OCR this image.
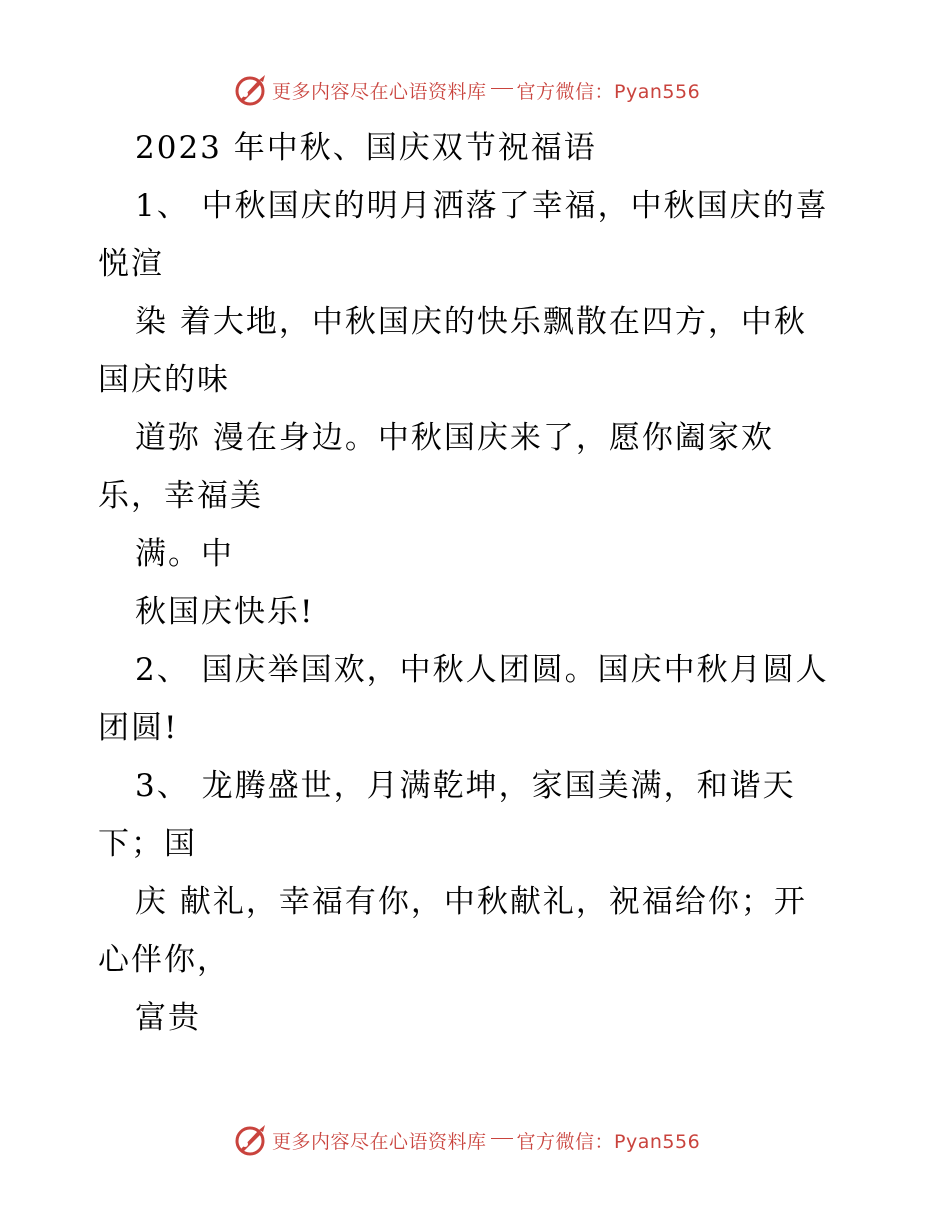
更多内容尽在心语资料库 官方微信：Pyan556
2023 年中秋、国庆双节祝福语
1、 中秋国庆的明月洒落了幸福，中秋国庆的喜
悦渲
染 着大地，中秋国庆的快乐飘散在四方，中秋
国庆的味
道弥 漫在身边。中秋国庆来了，愿你阖家欢
乐，幸福美
满。中
秋国庆快乐!
2、 国庆举国欢，中秋人团圆。国庆中秋月圆人
团圆!
3、 龙腾盛世，月满乾坤，家国美满，和谐天
下；国
庆 献礼，幸福有你，中秋献礼，祝福给你；开
心伴你，
富贵
更多内容尽在心语资料库 官方微信：Pyan556
